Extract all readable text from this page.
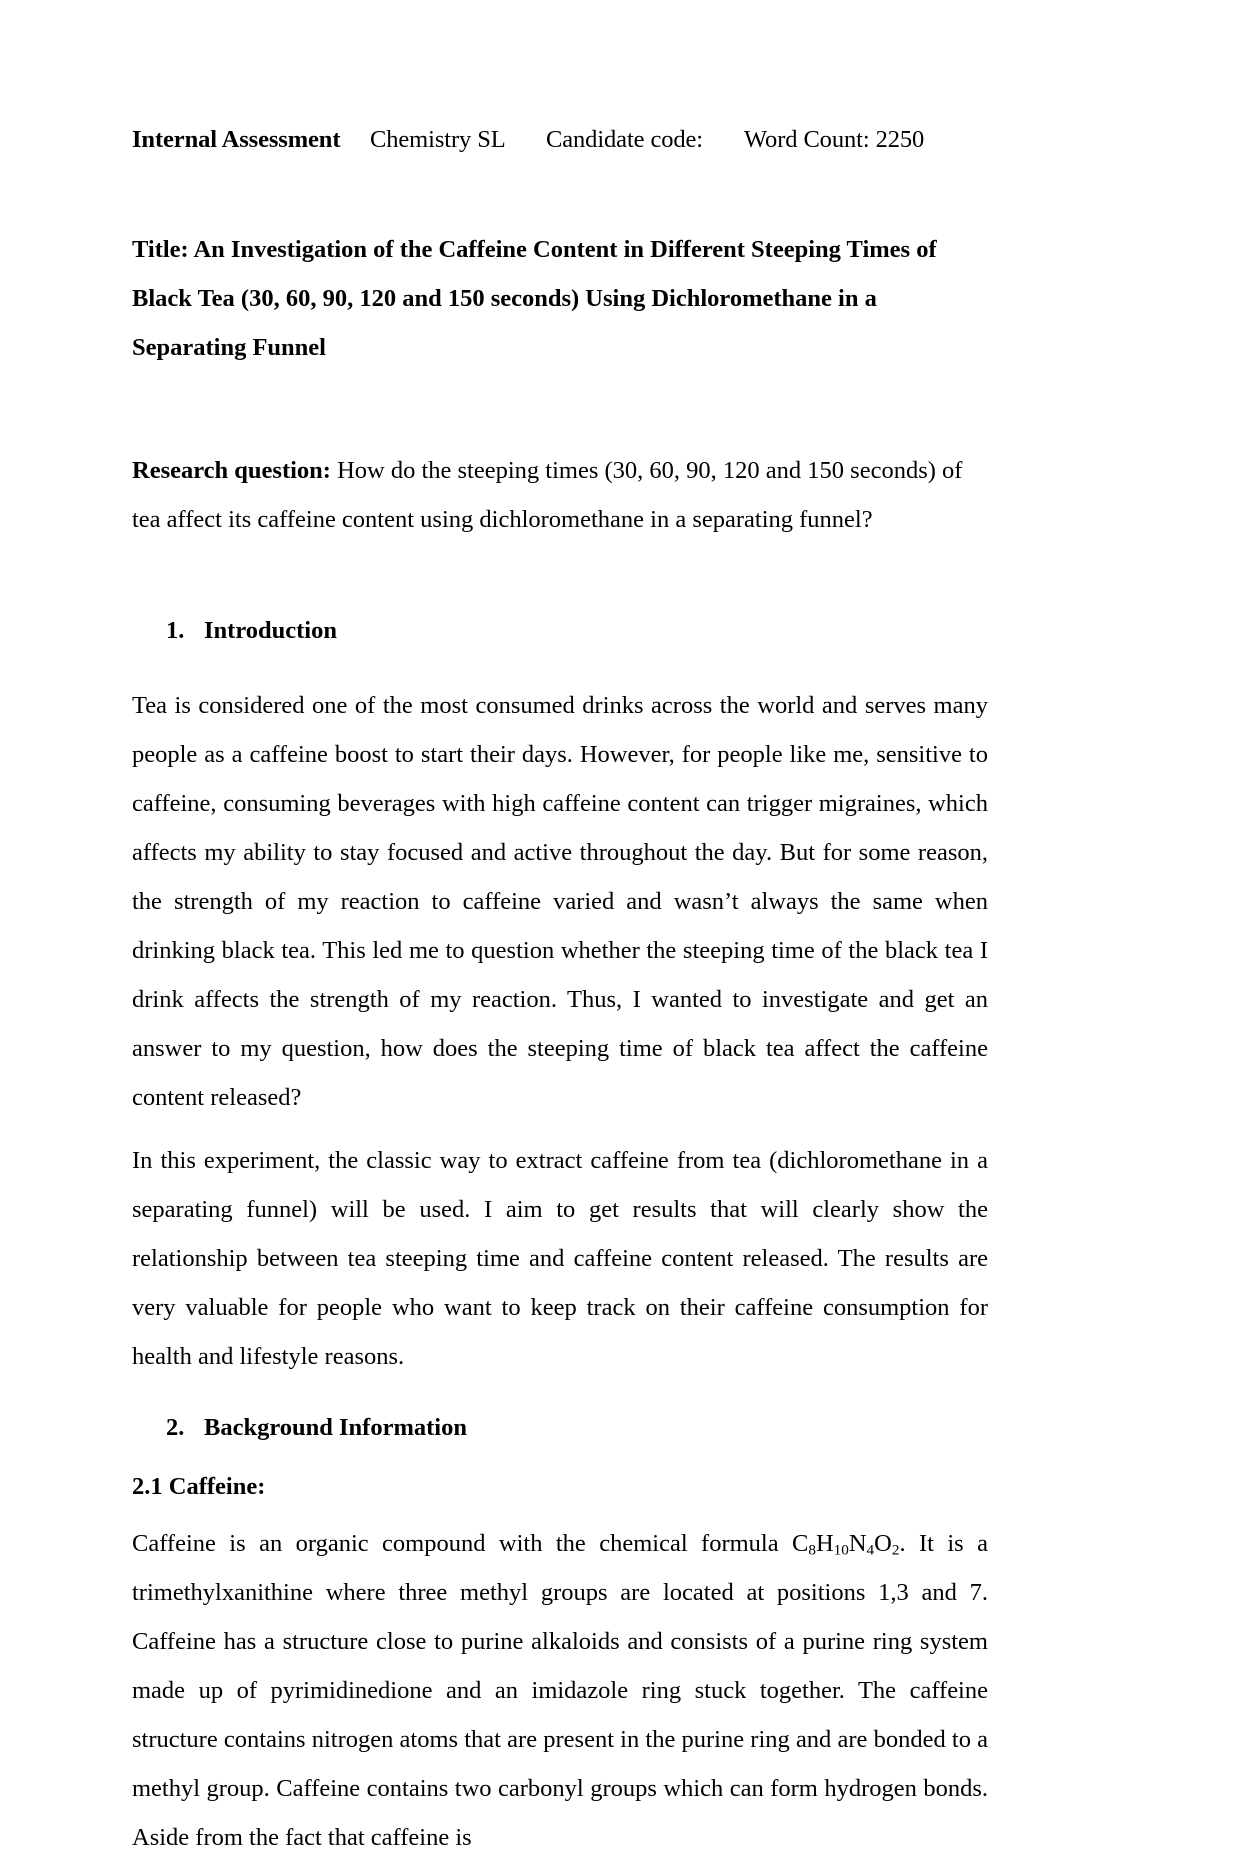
Internal Assessment Chemistry SL Candidate code: Word Count: 2250
Title: An Investigation of the Caffeine Content in Different Steeping Times of Black Tea (30, 60, 90, 120 and 150 seconds) Using Dichloromethane in a Separating Funnel

Research question: How do the steeping times (30, 60, 90, 120 and 150 seconds) of tea affect its caffeine content using dichloromethane in a separating funnel?

1. Introduction

Tea is considered one of the most consumed drinks across the world and serves many people as a caffeine boost to start their days. However, for people like me, sensitive to caffeine, consuming beverages with high caffeine content can trigger migraines, which affects my ability to stay focused and active throughout the day. But for some reason, the strength of my reaction to caffeine varied and wasn’t always the same when drinking black tea. This led me to question whether the steeping time of the black tea I drink affects the strength of my reaction. Thus, I wanted to investigate and get an answer to my question, how does the steeping time of black tea affect the caffeine content released?

In this experiment, the classic way to extract caffeine from tea (dichloromethane in a separating funnel) will be used. I aim to get results that will clearly show the relationship between tea steeping time and caffeine content released. The results are very valuable for people who want to keep track on their caffeine consumption for health and lifestyle reasons.

2. Background Information
2.1 Caffeine:

Caffeine is an organic compound with the chemical formula $C_8H_{10}N_4O_2$. It is a trimethylxanithine where three methyl groups are located at positions 1,3 and 7. Caffeine has a structure close to purine alkaloids and consists of a purine ring system made up of pyrimidinedione and an imidazole ring stuck together. The caffeine structure contains nitrogen atoms that are present in the purine ring and are bonded to a methyl group. Caffeine contains two carbonyl groups which can form hydrogen bonds. Aside from the fact that caffeine is
